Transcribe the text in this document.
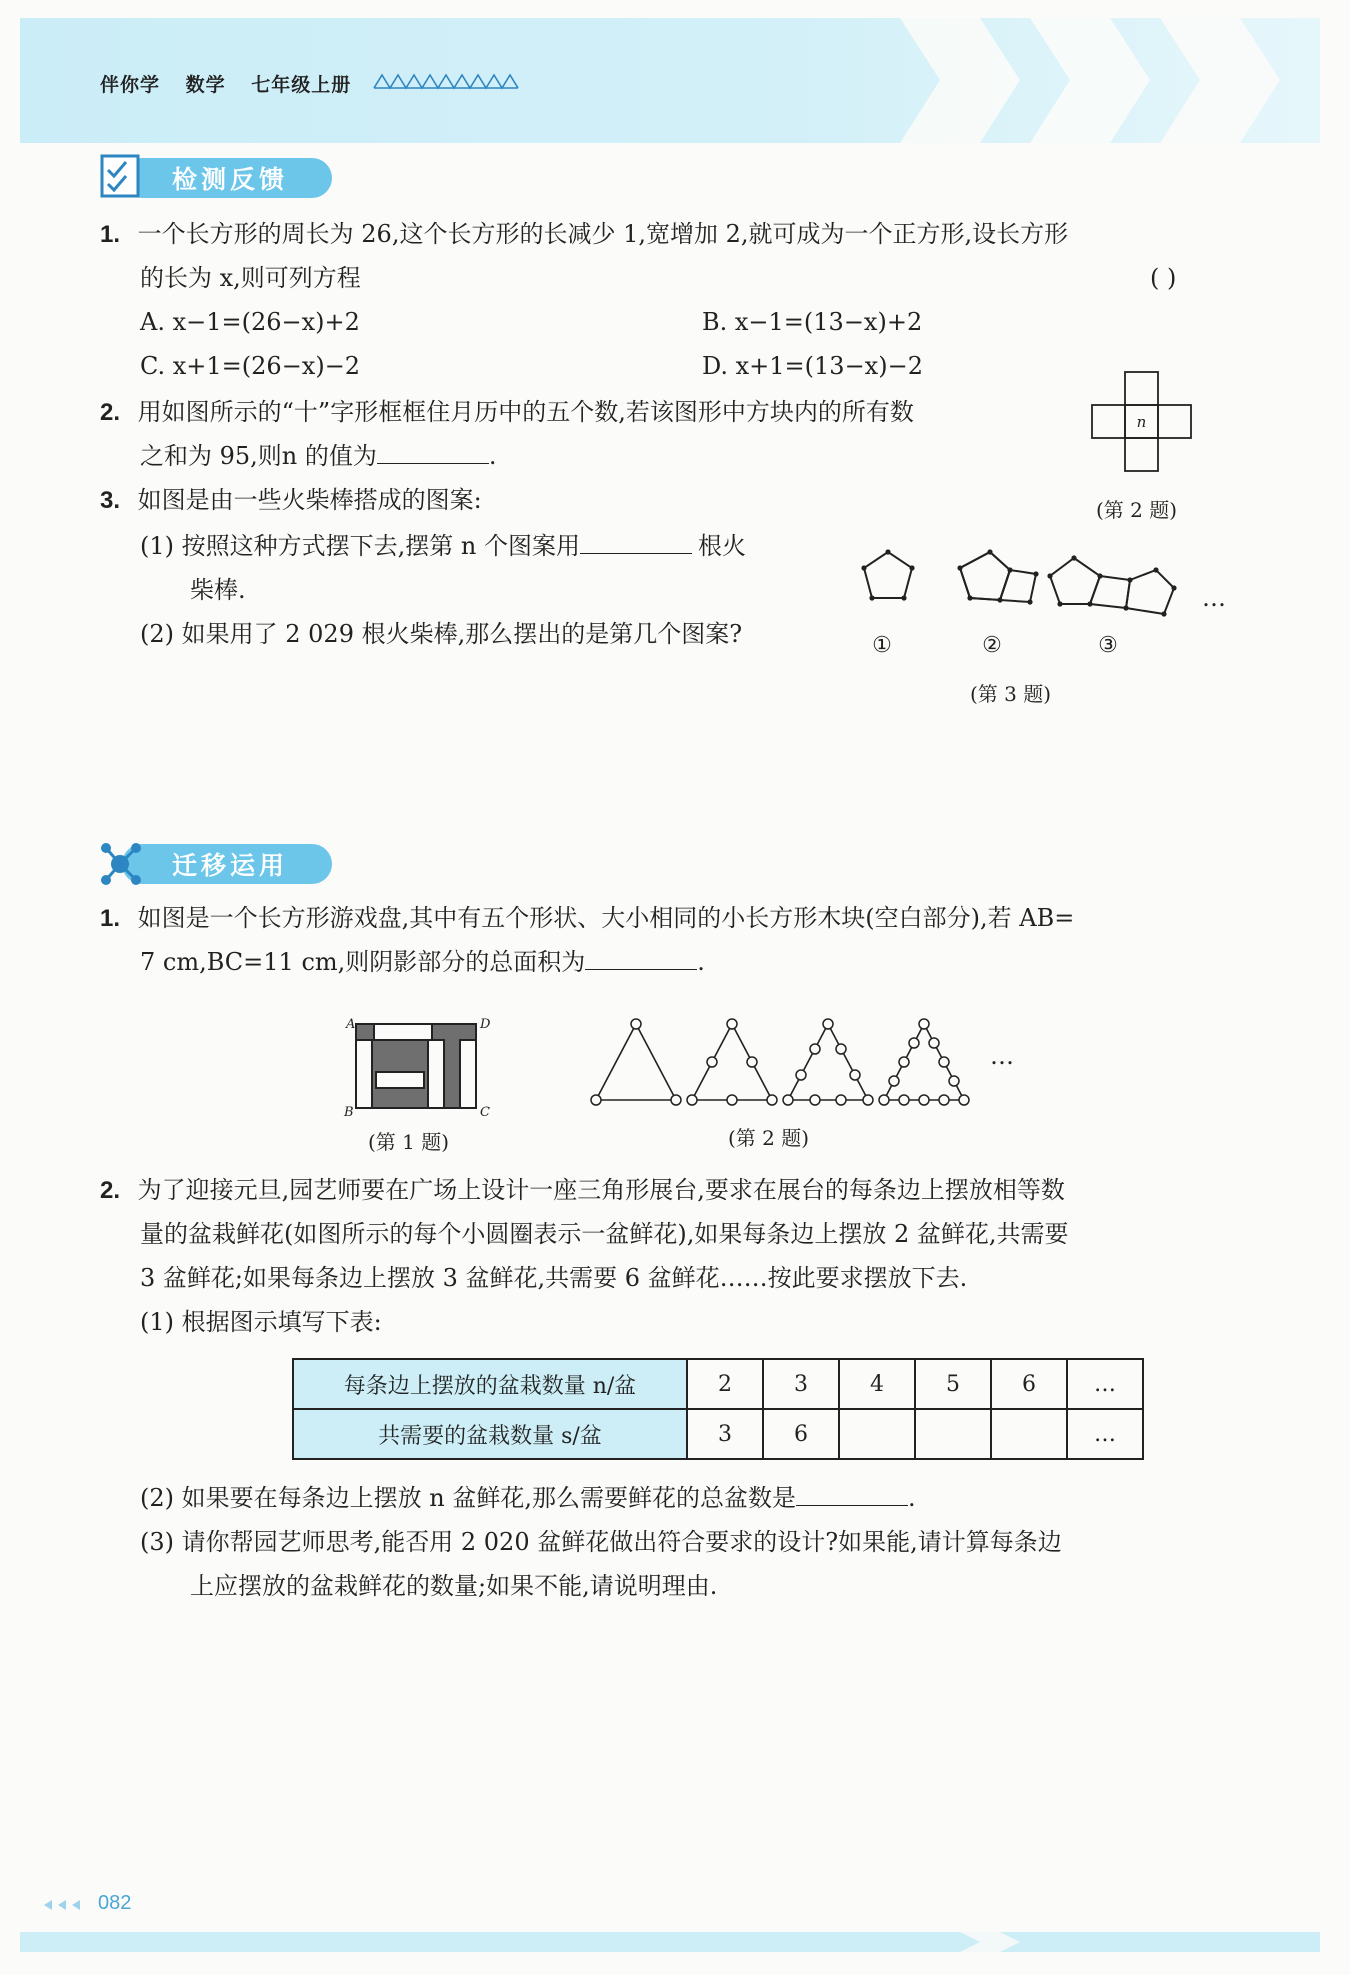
伴你学 数学 七年级上册
检测反馈
1. 一个长方形的周长为 26,这个长方形的长减少 1,宽增加 2,就可成为一个正方形,设长方形
的长为 x,则可列方程	( )
A. x−1=(26−x)+2	B. x−1=(13−x)+2
C. x+1=(26−x)−2	D. x+1=(13−x)−2
2. 用如图所示的“十”字形框框住月历中的五个数,若该图形中方块内的所有数
之和为 95,则n 的值为	.
n
(第 2 题)
3. 如图是由一些火柴棒搭成的图案:
(1) 按照这种方式摆下去,摆第 n 个图案用	根火
柴棒.
(2) 如果用了 2 029 根火柴棒,那么摆出的是第几个图案?
…
①	②	③
(第 3 题)
迁移运用
1. 如图是一个长方形游戏盘,其中有五个形状、大小相同的小长方形木块(空白部分),若 AB=
7 cm,BC=11 cm,则阴影部分的总面积为	.
A	D
B	C
(第 1 题)
…
(第 2 题)
2. 为了迎接元旦,园艺师要在广场上设计一座三角形展台,要求在展台的每条边上摆放相等数
量的盆栽鲜花(如图所示的每个小圆圈表示一盆鲜花),如果每条边上摆放 2 盆鲜花,共需要
3 盆鲜花;如果每条边上摆放 3 盆鲜花,共需要 6 盆鲜花……按此要求摆放下去.
(1) 根据图示填写下表:
每条边上摆放的盆栽数量 n/盆	2	3	4	5	6	…
共需要的盆栽数量 s/盆	3	6				…
(2) 如果要在每条边上摆放 n 盆鲜花,那么需要鲜花的总盆数是	.
(3) 请你帮园艺师思考,能否用 2 020 盆鲜花做出符合要求的设计?如果能,请计算每条边
上应摆放的盆栽鲜花的数量;如果不能,请说明理由.
082
